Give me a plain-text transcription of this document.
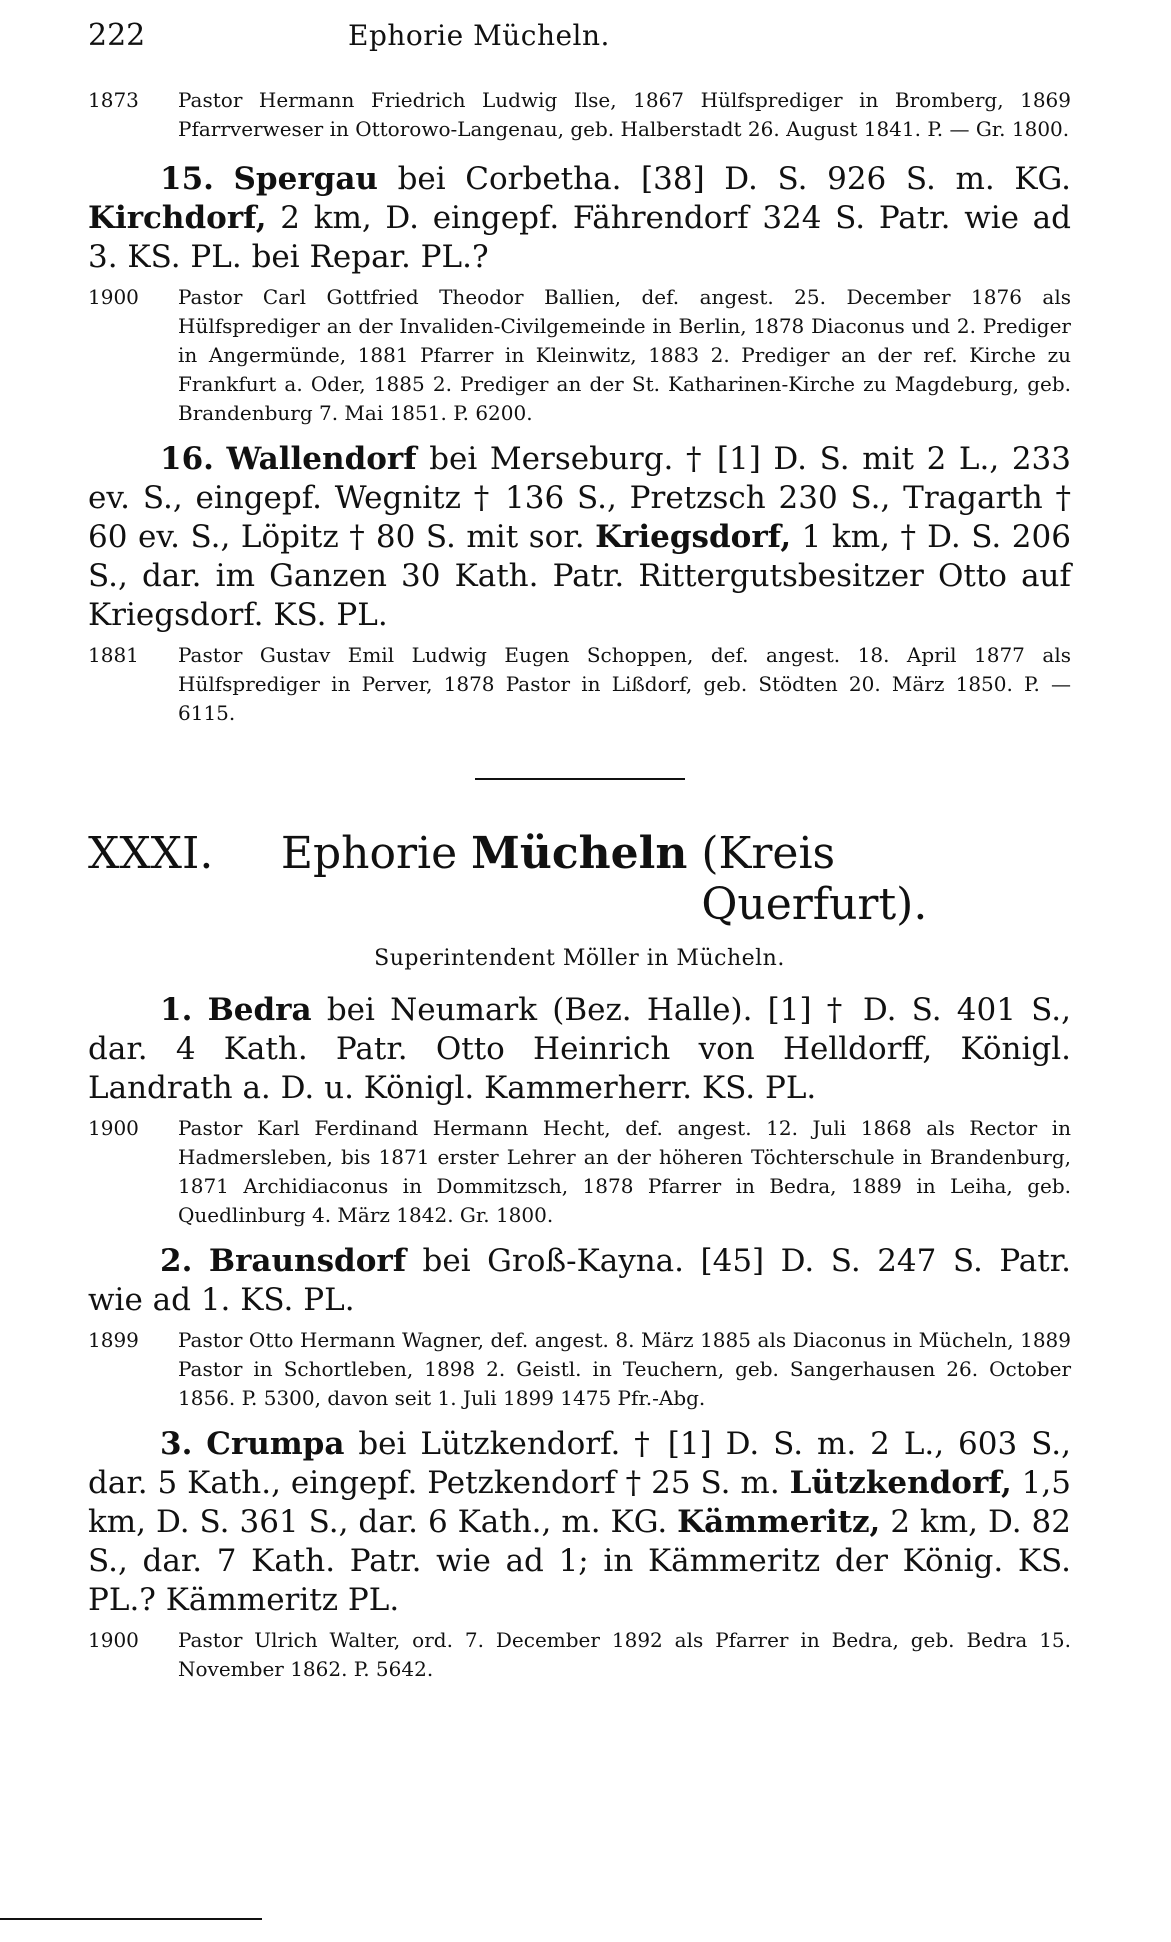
222	Ephorie Mücheln.
1873	Pastor Hermann Friedrich Ludwig Ilse, 1867 Hülfsprediger in Bromberg, 1869 Pfarrverweser in Ottorowo-Langenau, geb. Halberstadt 26. August 1841. P. — Gr. 1800.
15. Spergau bei Corbetha. [38] D. S. 926 S. m. KG. Kirchdorf, 2 km, D. eingepf. Fährendorf 324 S. Patr. wie ad 3. KS. PL. bei Repar. PL.?
1900	Pastor Carl Gottfried Theodor Ballien, def. angest. 25. December 1876 als Hülfsprediger an der Invaliden-Civilgemeinde in Berlin, 1878 Diaconus und 2. Prediger in Angermünde, 1881 Pfarrer in Kleinwitz, 1883 2. Prediger an der ref. Kirche zu Frankfurt a. Oder, 1885 2. Prediger an der St. Katharinen-Kirche zu Magdeburg, geb. Brandenburg 7. Mai 1851. P. 6200.
16. Wallendorf bei Merseburg. † [1] D. S. mit 2 L., 233 ev. S., eingepf. Wegnitz † 136 S., Pretzsch 230 S., Tragarth † 60 ev. S., Löpitz † 80 S. mit sor. Kriegsdorf, 1 km, † D. S. 206 S., dar. im Ganzen 30 Kath. Patr. Rittergutsbesitzer Otto auf Kriegsdorf. KS. PL.
1881	Pastor Gustav Emil Ludwig Eugen Schoppen, def. angest. 18. April 1877 als Hülfsprediger in Perver, 1878 Pastor in Lißdorf, geb. Stödten 20. März 1850. P. — 6115.
XXXI.	Ephorie
Mücheln
(Kreis Querfurt).
Superintendent Möller in Mücheln.
1. Bedra bei Neumark (Bez. Halle). [1] † D. S. 401 S., dar. 4 Kath. Patr. Otto Heinrich von Helldorff, Königl. Landrath a. D. u. Königl. Kammerherr. KS. PL.
1900	Pastor Karl Ferdinand Hermann Hecht, def. angest. 12. Juli 1868 als Rector in Hadmersleben, bis 1871 erster Lehrer an der höheren Töchterschule in Brandenburg, 1871 Archidiaconus in Dommitzsch, 1878 Pfarrer in Bedra, 1889 in Leiha, geb. Quedlinburg 4. März 1842. Gr. 1800.
2. Braunsdorf bei Groß-Kayna. [45] D. S. 247 S. Patr. wie ad 1. KS. PL.
1899	Pastor Otto Hermann Wagner, def. angest. 8. März 1885 als Diaconus in Mücheln, 1889 Pastor in Schortleben, 1898 2. Geistl. in Teuchern, geb. Sangerhausen 26. October 1856. P. 5300, davon seit 1. Juli 1899 1475 Pfr.-Abg.
3. Crumpa bei Lützkendorf. † [1] D. S. m. 2 L., 603 S., dar. 5 Kath., eingepf. Petzkendorf † 25 S. m. Lützkendorf, 1,5 km, D. S. 361 S., dar. 6 Kath., m. KG. Kämmeritz, 2 km, D. 82 S., dar. 7 Kath. Patr. wie ad 1; in Kämmeritz der König. KS. PL.? Kämmeritz PL.
1900	Pastor Ulrich Walter, ord. 7. December 1892 als Pfarrer in Bedra, geb. Bedra 15. November 1862. P. 5642.
